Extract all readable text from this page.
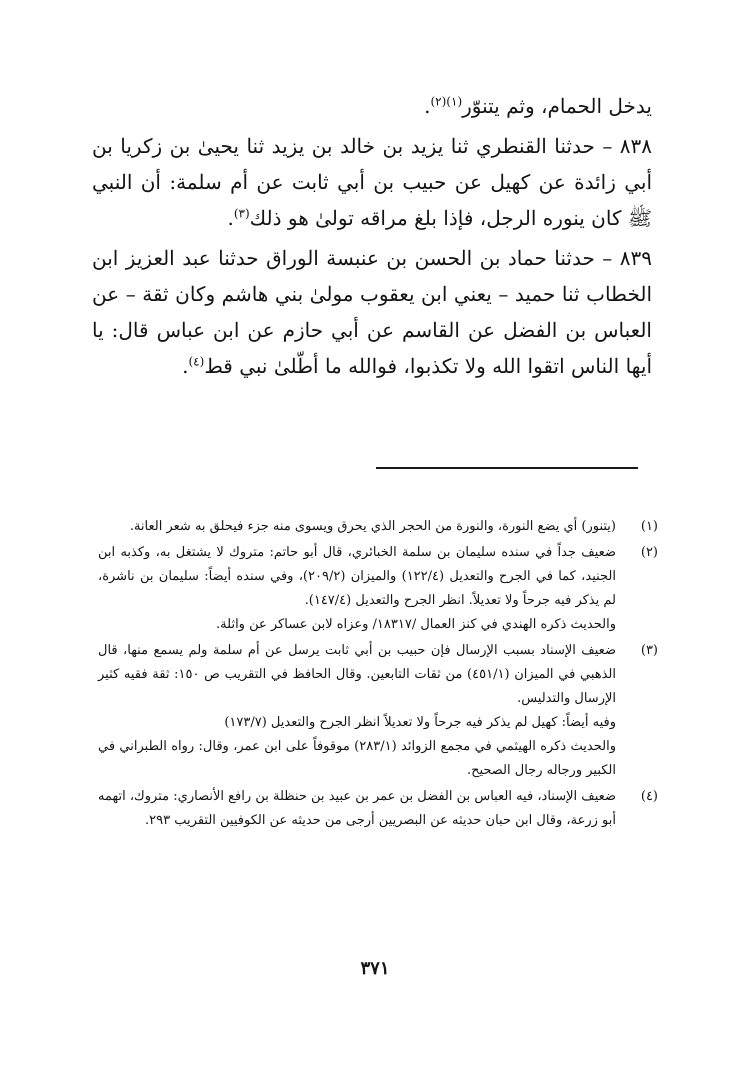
يدخل الحمام، وثم يتنوّر$^{(١)(٢)}$.

٨٣٨ – حدثنا القنطري ثنا يزيد بن خالد بن يزيد ثنا يحيىٰ بن زكريا بن أبي زائدة عن كهيل عن حبيب بن أبي ثابت عن أم سلمة: أن النبي ﷺ كان ينوره الرجل، فإذا بلغ مراقه تولىٰ هو ذلك$^{(٣)}$.

٨٣٩ – حدثنا حماد بن الحسن بن عنبسة الوراق حدثنا عبد العزيز ابن الخطاب ثنا حميد – يعني ابن يعقوب مولىٰ بني هاشم وكان ثقة – عن العباس بن الفضل عن القاسم عن أبي حازم عن ابن عباس قال: يا أيها الناس اتقوا الله ولا تكذبوا، فوالله ما أطّلىٰ نبي قط$^{(٤)}$.

(١)

(يتنور) أي يضع النورة، والنورة من الحجر الذي يحرق ويسوى منه جزء فيحلق به شعر العانة.

(٢)

ضعيف جداً في سنده سليمان بن سلمة الخبائري، قال أبو حاتم: متروك لا يشتغل به، وكذبه ابن الجنيد، كما في الجرح والتعديل (١٢٢/٤) والميزان (٢٠٩/٢)، وفي سنده أيضاً: سليمان بن ناشرة، لم يذكر فيه جرحاً ولا تعديلاً. انظر الجرح والتعديل (١٤٧/٤).

والحديث ذكره الهندي في كنز العمال /١٨٣١٧/ وعزاه لابن عساكر عن واثلة.

(٣)

ضعيف الإسناد بسبب الإرسال فإن حبيب بن أبي ثابت يرسل عن أم سلمة ولم يسمع منها، قال الذهبي في الميزان (٤٥١/١) من ثقات التابعين. وقال الحافظ في التقريب ص ١٥٠: ثقة فقيه كثير الإرسال والتدليس.

وفيه أيضاً: كهيل لم يذكر فيه جرحاً ولا تعديلاً انظر الجرح والتعديل (١٧٣/٧)

والحديث ذكره الهيثمي في مجمع الزوائد (٢٨٣/١) موقوفاً على ابن عمر، وقال: رواه الطبراني في الكبير ورجاله رجال الصحيح.

(٤)

ضعيف الإسناد، فيه العباس بن الفضل بن عمر بن عبيد بن حنظلة بن رافع الأنصاري: متروك، اتهمه أبو زرعة، وقال ابن حبان حديثه عن البصريين أرجى من حديثه عن الكوفيين التقريب ٢٩٣.

٣٧١
